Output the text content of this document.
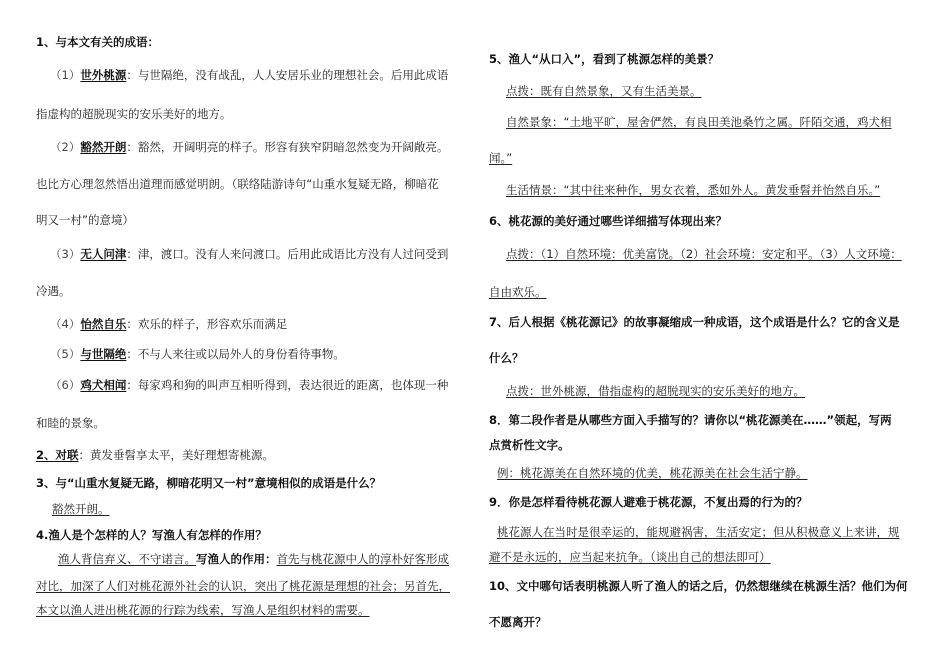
1、与本文有关的成语：
（1）世外桃源：与世隔绝，没有战乱，人人安居乐业的理想社会。后用此成语
指虚构的超脱现实的安乐美好的地方。
（2）豁然开朗：豁然，开阔明亮的样子。形容有狭窄阴暗忽然变为开阔敞亮。
也比方心理忽然悟出道理而感觉明朗。（联络陆游诗句“山重水复疑无路，柳暗花
明又一村”的意境）
（3）无人问津：津，渡口。没有人来问渡口。后用此成语比方没有人过问受到
冷遇。
（4）怡然自乐：欢乐的样子，形容欢乐而满足
（5）与世隔绝：不与人来往或以局外人的身份看待事物。
（6）鸡犬相闻：每家鸡和狗的叫声互相听得到，表达很近的距离，也体现一种
和睦的景象。
2、对联：黄发垂髫享太平，美好理想寄桃源。
3、与“山重水复疑无路，柳暗花明又一村”意境相似的成语是什么？
豁然开朗。
4.渔人是个怎样的人？写渔人有怎样的作用？
渔人背信弃义、不守诺言。写渔人的作用：首先与桃花源中人的淳朴好客形成
对比，加深了人们对桃花源外社会的认识，突出了桃花源是理想的社会；另首先，
本文以渔人进出桃花源的行踪为线索，写渔人是组织材料的需要。
5、渔人“从口入”，看到了桃源怎样的美景？
点拨：既有自然景象，又有生活美景。
自然景象：“土地平旷，屋舍俨然，有良田美池桑竹之属。阡陌交通，鸡犬相
闻。”
生活情景：“其中往来种作，男女衣着，悉如外人。黄发垂髫并怡然自乐。”
6、桃花源的美好通过哪些详细描写体现出来？
点拨：（1）自然环境：优美富饶。（2）社会环境：安定和平。（3）人文环境：
自由欢乐。
7、后人根据《桃花源记》的故事凝缩成一种成语，这个成语是什么？它的含义是
什么？
点拨：世外桃源，借指虚构的超脱现实的安乐美好的地方。
8．第二段作者是从哪些方面入手描写的？请你以“桃花源美在……”领起，写两
点赏析性文字。
例：桃花源美在自然环境的优美，桃花源美在社会生活宁静。
9．你是怎样看待桃花源人避难于桃花源，不复出焉的行为的？
桃花源人在当时是很幸运的，能规避祸害，生活安定；但从积极意义上来讲，规
避不是永远的，应当起来抗争。（谈出自己的想法即可）
10、文中哪句话表明桃源人听了渔人的话之后，仍然想继续在桃源生活？他们为何
不愿离开？
